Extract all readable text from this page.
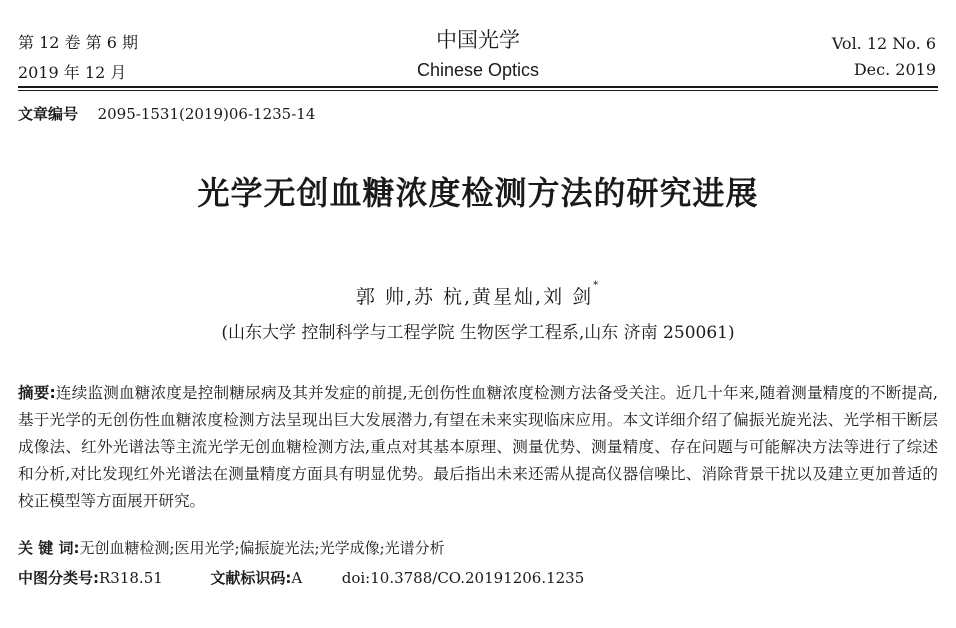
第 12 卷 第 6 期
2019 年 12 月
中国光学
Chinese Optics
Vol. 12 No. 6
Dec. 2019
文章编号 2095-1531(2019)06-1235-14
光学无创血糖浓度检测方法的研究进展
郭 帅,苏 杭,黄星灿,刘 剑*
(山东大学 控制科学与工程学院 生物医学工程系,山东 济南 250061)
摘要:连续监测血糖浓度是控制糖尿病及其并发症的前提,无创伤性血糖浓度检测方法备受关注。近几十年来,随着测量精度的不断提高,基于光学的无创伤性血糖浓度检测方法呈现出巨大发展潜力,有望在未来实现临床应用。本文详细介绍了偏振光旋光法、光学相干断层成像法、红外光谱法等主流光学无创血糖检测方法,重点对其基本原理、测量优势、测量精度、存在问题与可能解决方法等进行了综述和分析,对比发现红外光谱法在测量精度方面具有明显优势。最后指出未来还需从提高仪器信噪比、消除背景干扰以及建立更加普适的校正模型等方面展开研究。
关 键 词:无创血糖检测;医用光学;偏振旋光法;光学成像;光谱分析
中图分类号:R318.51	文献标识码:A	doi:10.3788/CO.20191206.1235
